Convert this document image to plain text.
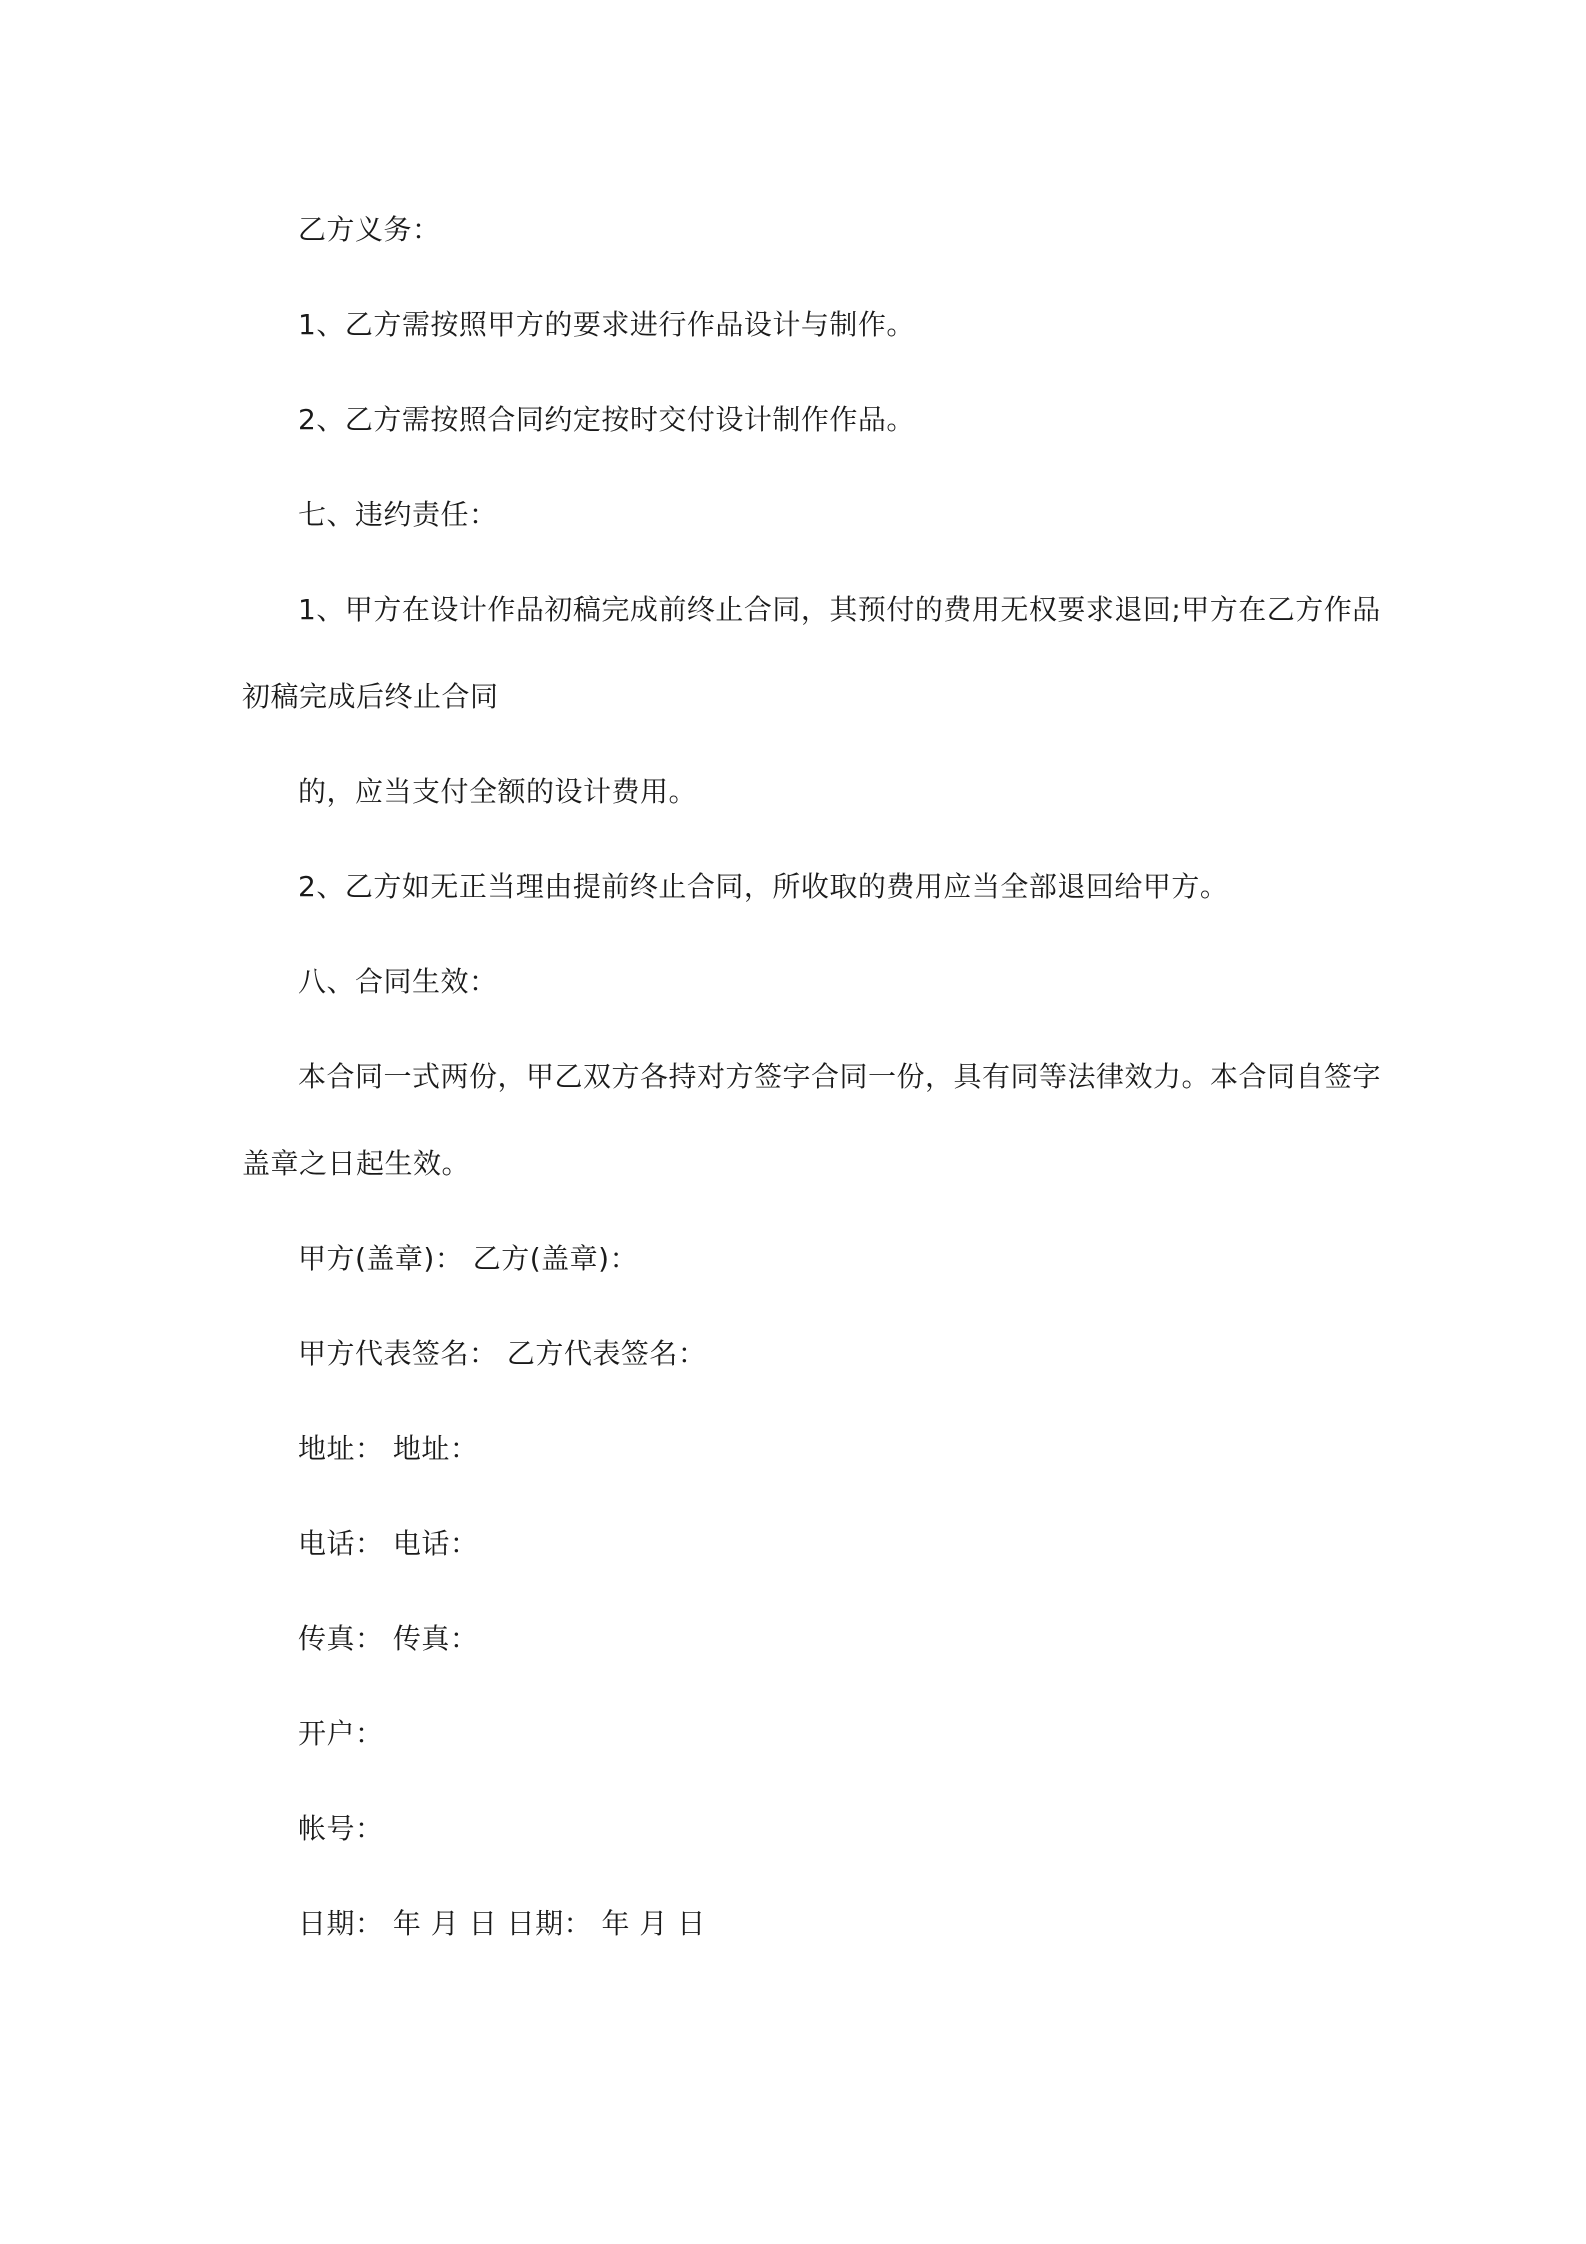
乙方义务：
1、乙方需按照甲方的要求进行作品设计与制作。
2、乙方需按照合同约定按时交付设计制作作品。
七、违约责任：
1、甲方在设计作品初稿完成前终止合同，其预付的费用无权要求退回;甲方在乙方作品
初稿完成后终止合同
的，应当支付全额的设计费用。
2、乙方如无正当理由提前终止合同，所收取的费用应当全部退回给甲方。
八、合同生效：
本合同一式两份，甲乙双方各持对方签字合同一份，具有同等法律效力。本合同自签字
盖章之日起生效。
甲方(盖章)： 乙方(盖章)：
甲方代表签名： 乙方代表签名：
地址： 地址：
电话： 电话：
传真： 传真：
开户：
帐号：
日期： 年 月 日 日期： 年 月 日
